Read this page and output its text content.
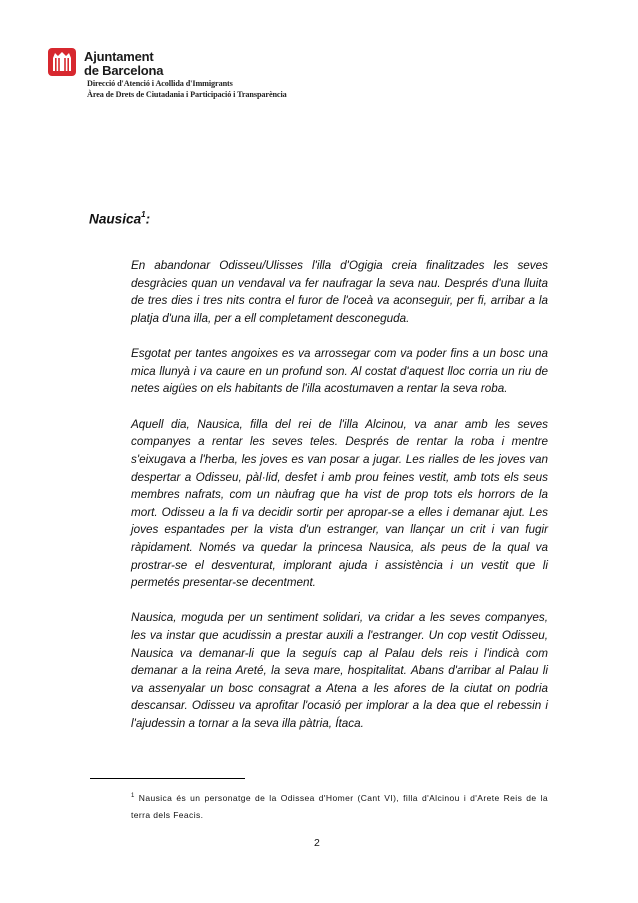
Ajuntament
de Barcelona
Direcció d'Atenció i Acollida d'Immigrants
Àrea de Drets de Ciutadania i Participació i Transparència
Nausica$^1$:

En abandonar Odisseu/Ulisses l'illa d'Ogigia creia finalitzades les seves desgràcies quan un vendaval va fer naufragar la seva nau. Després d'una lluita de tres dies i tres nits contra el furor de l'oceà va aconseguir, per fi, arribar a la platja d'una illa, per a ell completament desconeguda.

Esgotat per tantes angoixes es va arrossegar com va poder fins a un bosc una mica llunyà i va caure en un profund son. Al costat d'aquest lloc corria un riu de netes aigües on els habitants de l'illa acostumaven a rentar la seva roba.

Aquell dia, Nausica, filla del rei de l'illa Alcinou, va anar amb les seves companyes a rentar les seves teles. Després de rentar la roba i mentre s'eixugava a l'herba, les joves es van posar a jugar. Les rialles de les joves van despertar a Odisseu, pàl·lid, desfet i amb prou feines vestit, amb tots els seus membres nafrats, com un nàufrag que ha vist de prop tots els horrors de la mort. Odisseu a la fi va decidir sortir per apropar-se a elles i demanar ajut. Les joves espantades per la vista d'un estranger, van llançar un crit i van fugir ràpidament. Només va quedar la princesa Nausica, als peus de la qual va prostrar-se el desventurat, implorant ajuda i assistència i un vestit que li permetés presentar-se decentment.

Nausica, moguda per un sentiment solidari, va cridar a les seves companyes, les va instar que acudissin a prestar auxili a l'estranger. Un cop vestit Odisseu, Nausica va demanar-li que la seguís cap al Palau dels reis i l'indicà com demanar a la reina Areté, la seva mare, hospitalitat. Abans d'arribar al Palau li va assenyalar un bosc consagrat a Atena a les afores de la ciutat on podria descansar. Odisseu va aprofitar l'ocasió per implorar a la dea que el rebessin i l'ajudessin a tornar a la seva illa pàtria, Ítaca.

$^1$ Nausica és un personatge de la Odissea d'Homer (Cant VI), filla d'Alcinou i d'Arete Reis de la terra dels Feacis.
2
